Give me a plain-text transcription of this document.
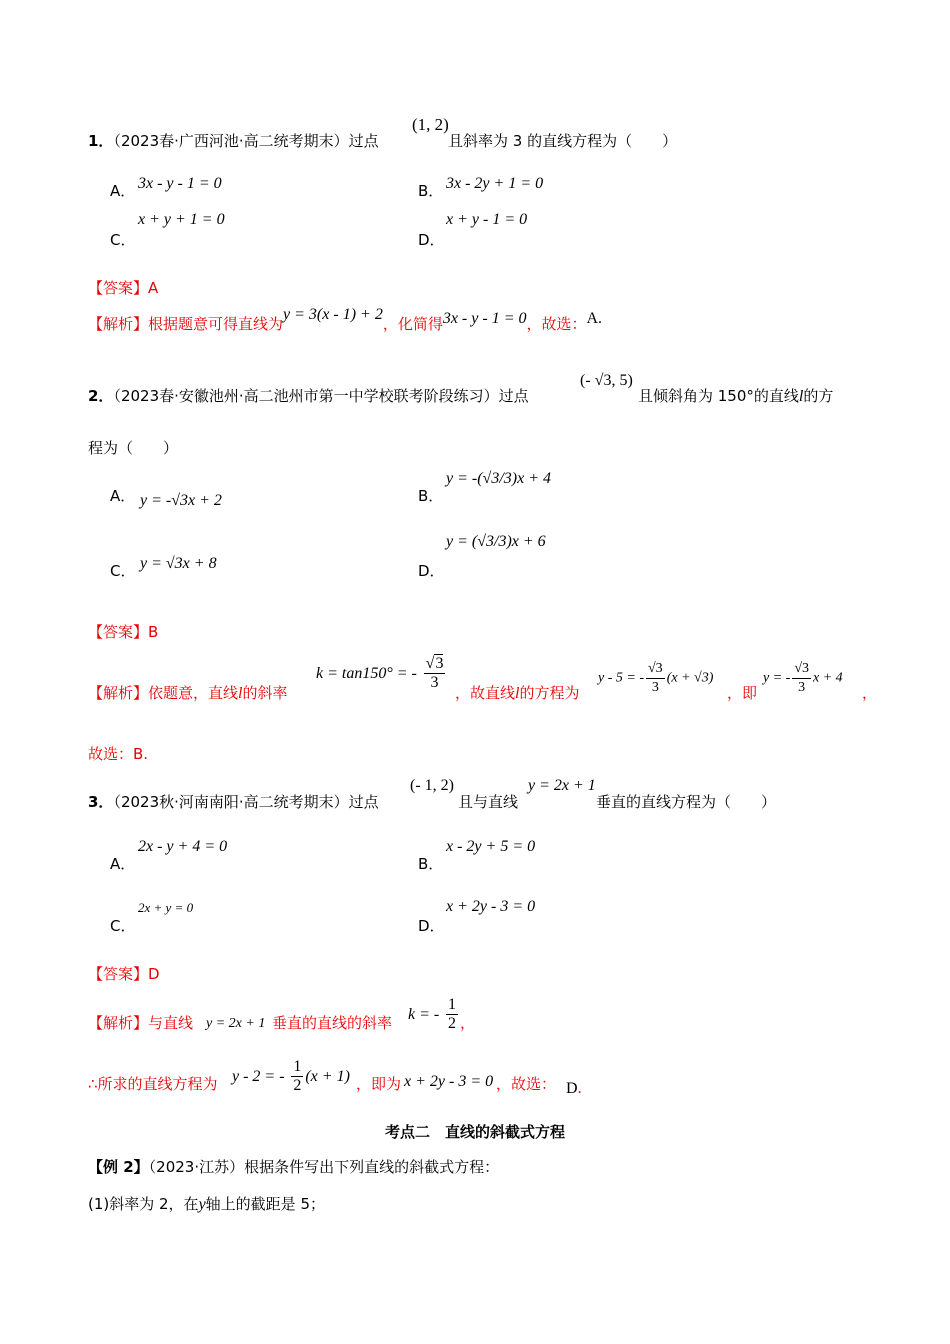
1．（2023春·广西河池·高二统考期末）过点
(1, 2)
且斜率为 3 的直线方程为（　　）
A． 3x - y - 1 = 0	B． 3x - 2y + 1 = 0
C．
x + y + 1 = 0
D．
x + y - 1 = 0
【答案】A
【解析】根据题意可得直线为y = 3(x - 1) + 2，化简得3x - y - 1 = 0，故选：A.
2．（2023春·安徽池州·高二池州市第一中学校联考阶段练习）过点
(- √3, 5)
且倾斜角为 150°的直线l的方
程为（　　）
A． y = -√3x + 2	B．
y = -(√3/3)x + 4
C． y = √3x + 8	D．
y = (√3/3)x + 6
【答案】B
【解析】依题意，直线l的斜率
k = tan150° = - $\frac{√3}{3}$
，故直线l的方程为
y - 5 = - $\frac{√3}{3} (x + √3)$
，即
y = - $\frac{√3}{3}$ x + 4
，
故选：B.
3．（2023秋·河南南阳·高二统考期末）过点
(- 1, 2)
且与直线
y = 2x + 1
垂直的直线方程为（　　）
A．
2x - y + 4 = 0
B．
x - 2y + 5 = 0
C．
2x + y = 0
D．
x + 2y - 3 = 0
【答案】D
【解析】与直线 y = 2x + 1 垂直的直线的斜率 k = - $\frac{1}{2}$ ，
∴所求的直线方程为 y - 2 = - $\frac{1}{2} (x + 1)$ ，即为 x + 2y - 3 = 0 ，故选： D.
考点二　直线的斜截式方程
【例 2】（2023·江苏）根据条件写出下列直线的斜截式方程：
(1)斜率为 2，在y轴上的截距是 5；
